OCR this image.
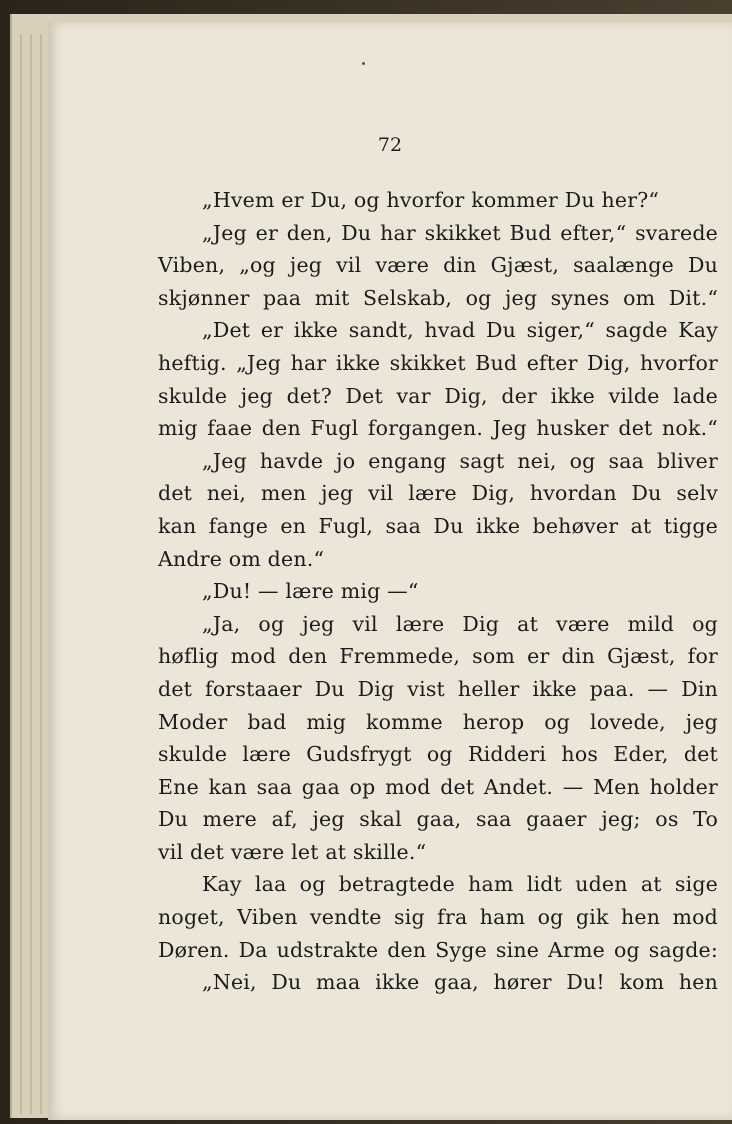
72
„Hvem er Du, og hvorfor kommer Du her?“
„Jeg er den, Du har skikket Bud efter,“ svarede
Viben, „og jeg vil være din Gjæst, saalænge Du
skjønner paa mit Selskab, og jeg synes om Dit.“
„Det er ikke sandt, hvad Du siger,“ sagde Kay
heftig. „Jeg har ikke skikket Bud efter Dig, hvorfor
skulde jeg det? Det var Dig, der ikke vilde lade
mig faae den Fugl forgangen. Jeg husker det nok.“
„Jeg havde jo engang sagt nei, og saa bliver
det nei, men jeg vil lære Dig, hvordan Du selv
kan fange en Fugl, saa Du ikke behøver at tigge
Andre om den.“
„Du! — lære mig —“
„Ja, og jeg vil lære Dig at være mild og
høflig mod den Fremmede, som er din Gjæst, for
det forstaaer Du Dig vist heller ikke paa. — Din
Moder bad mig komme herop og lovede, jeg
skulde lære Gudsfrygt og Ridderi hos Eder, det
Ene kan saa gaa op mod det Andet. — Men holder
Du mere af, jeg skal gaa, saa gaaer jeg; os To
vil det være let at skille.“
Kay laa og betragtede ham lidt uden at sige
noget, Viben vendte sig fra ham og gik hen mod
Døren. Da udstrakte den Syge sine Arme og sagde:
„Nei, Du maa ikke gaa, hører Du! kom hen
